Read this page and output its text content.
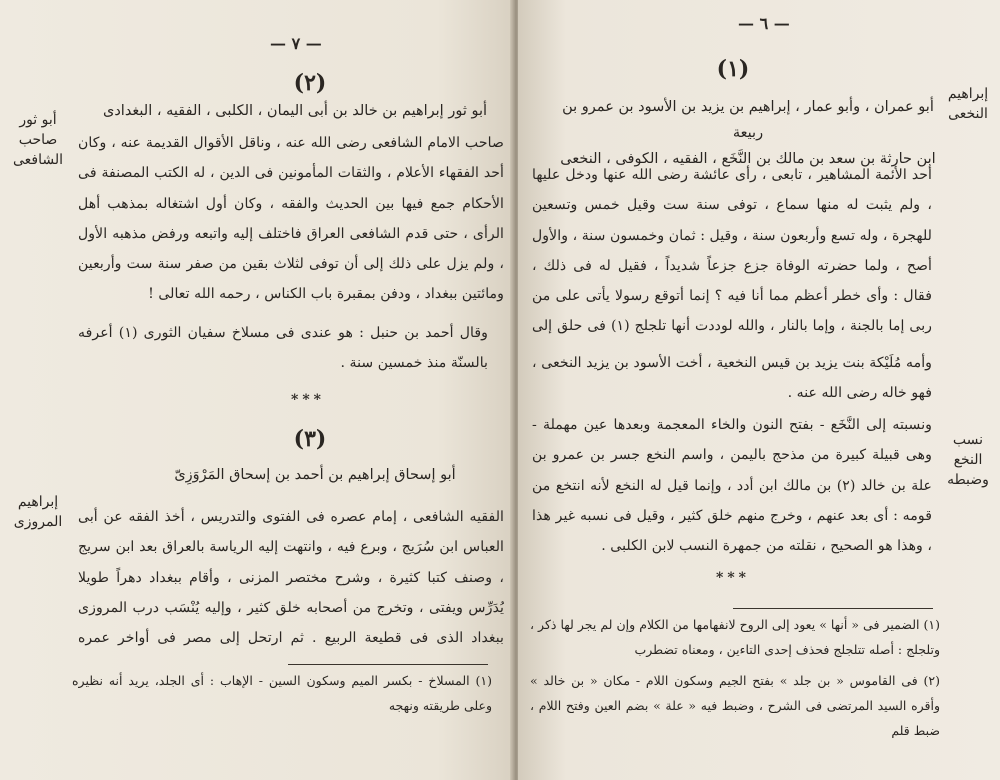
— ٧ —
(٢)
أبو ثور إبراهيم بن خالد بن أبى اليمان ، الكلبى ، الفقيه ، البغدادى
صاحب الامام الشافعى رضى الله عنه ، وناقل الأقوال القديمة عنه ، وكان أحد الفقهاء الأعلام ، والثقات المأمونين فى الدين ، له الكتب المصنفة فى الأحكام جمع فيها بين الحديث والفقه ، وكان أول اشتغاله بمذهب أهل الرأى ، حتى قدم الشافعى العراق فاختلف إليه واتبعه ورفض مذهبه الأول ، ولم يزل على ذلك إلى أن توفى لثلاث بقين من صفر سنة ست وأربعين ومائتين ببغداد ، ودفن بمقبرة باب الكناس ، رحمه الله تعالى !
وقال أحمد بن حنبل : هو عندى فى مسلاخ سفيان الثورى (١) أعرفه بالسنّة منذ خمسين سنة .
***
(٣)
أبو إسحاق إبراهيم بن أحمد بن إسحاق المَرْوَزِىّ
الفقيه الشافعى ، إمام عصره فى الفتوى والتدريس ، أخذ الفقه عن أبى العباس ابن سُرَيج ، وبرع فيه ، وانتهت إليه الرياسة بالعراق بعد ابن سريج ، وصنف كتبا كثيرة ، وشرح مختصر المزنى ، وأقام ببغداد دهراً طويلا يُدَرِّس ويفتى ، وتخرج من أصحابه خلق كثير ، وإليه يُنْسَب درب المروزى ببغداد الذى فى قطيعة الربيع . ثم ارتحل إلى مصر فى أواخر عمره
(١) المسلاخ - بكسر الميم وسكون السين - الإهاب : أى الجلد، يريد أنه نظيره وعلى طريقته ونهجه
أبو ثور
صاحب
الشافعى
إبراهيم
المروزى
— ٦ —
(١)
أبو عمران ، وأبو عمار ، إبراهيم بن يزيد بن الأسود بن عمرو بن ربيعة
ابن حارثة بن سعد بن مالك بن النَّخَع ، الفقيه ، الكوفى ، النخعى
أحد الأئمة المشاهير ، تابعى ، رأى عائشة رضى الله عنها ودخل عليها ، ولم يثبت له منها سماع ، توفى سنة ست وقيل خمس وتسعين للهجرة ، وله تسع وأربعون سنة ، وقيل : ثمان وخمسون سنة ، والأول أصح ، ولما حضرته الوفاة جزع جزعاً شديداً ، فقيل له فى ذلك ، فقال : وأى خطر أعظم مما أنا فيه ؟ إنما أتوقع رسولا يأتى على من ربى إما بالجنة ، وإما بالنار ، والله لوددت أنها تلجلج (١) فى حلق إلى
وأمه مُلَيْكة بنت يزيد بن قيس النخعية ، أخت الأسود بن يزيد النخعى ، فهو خاله رضى الله عنه .
ونسبته إلى النَّخَع - بفتح النون والخاء المعجمة وبعدها عين مهملة - وهى قبيلة كبيرة من مذحج باليمن ، واسم النخع جسر بن عمرو بن علة بن خالد (٢) بن مالك ابن أدد ، وإنما قيل له النخع لأنه انتخع من قومه : أى بعد عنهم ، وخرج منهم خلق كثير ، وقيل فى نسبه غير هذا ، وهذا هو الصحيح ، نقلته من جمهرة النسب لابن الكلبى .
***
(١) الضمير فى « أنها » يعود إلى الروح لانفهامها من الكلام وإن لم يجر لها ذكر ، وتلجلج : أصله تتلجلج فحذف إحدى التاءين ، ومعناه تضطرب
(٢) فى القاموس « بن جلد » بفتح الجيم وسكون اللام - مكان « بن خالد » وأقره السيد المرتضى فى الشرح ، وضبط فيه « علة » بضم العين وفتح اللام ، ضبط قلم
إبراهيم
النخعى
نسب
النخع
وضبطه
